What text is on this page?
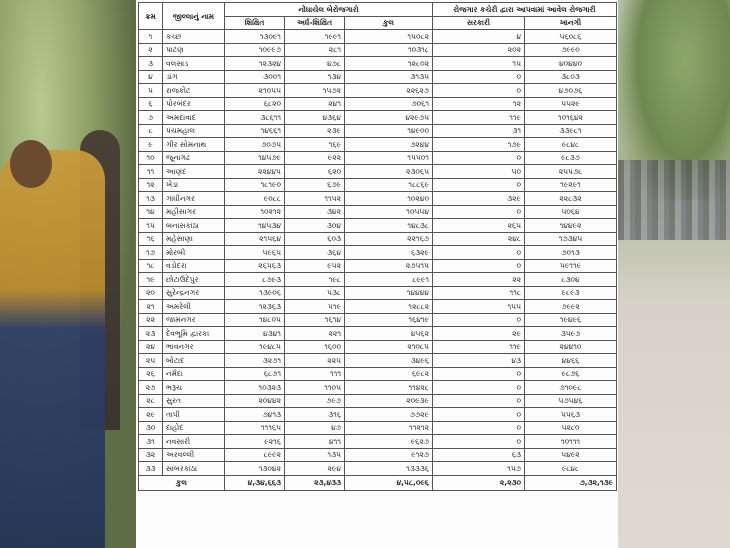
ક્રમ	જીલ્લાનું નામ	નોંધાયેલ બેરોજગારો			રોજગાર કચેરી દ્વારા આપવામાં આવેલ રોજગારી	
		શિક્ષિત	અર્ધ-શિક્ષિત	કુલ	સરકારી	ખાનગી
૧	કચ્છ	૧૩૦૯૧	૧૯૯૧	૧૫૦૮૨	૪	૫૬૦૮૬
૨	પાટણ	૧૦૯૯૭	૨૮૧	૧૦૩૧૮	૨૦૨	૭૯૯૦
૩	વલસાડ	૧૨૩૨૪	૪૭૮	૧૨૮૦૨	૧૫	૪૦૪૪૦
૪	ડાંગ	૩૦૦૧	૧૩૪	૩૧૩૫	૦	૩૮૦૩
૫	રાજકોટ	૨૧૦૫૫	૧૫૭૨	૨૨૬૨૭	૦	૪૭૦૭૬
૬	પોરબંદર	૬૮૨૦	૨૪૧	૭૦૬૧	૧૨	૫૫૨૯
૭	અમદાવાદ	૩૮૬૧૧	૪૩૬૪	૪૨૯૭૫	૧૧૯	૧૦૧૬૪૨
૮	પંચમહાલ	૧૪૬૬૧	૨૩૯	૧૪૯૦૦	૩૧	૩૩૯૮૧
૯	ગીર સોમનાથ	૭૦૭૫	૧૬૯	૭૨૪૪	૧૭૯	૯૮૪૮
૧૦	જૂનાગઢ	૧૪૫૭૯	૯૨૨	૧૫૫૦૧	૦	૯૮૩૭
૧૧	આણંદ	૨૨૪૪૫	૬૨૦	૨૩૦૬૫	૫૦	૨૫૫૭૮
૧૨	ખેડા	૧૮૧૯૦	૬૭૯	૧૮૮૬૯	૦	૧૯૨૯૧
૧૩	ગાંધીનગર	૯૦૮૮	૧૧૫૨	૧૦૨૪૦	૩૨૯	૨૨૮૩૨
૧૪	મહીસાગર	૧૦૨૧૨	૩૪૨	૧૦૫૫૪	૦	૫૦૬૪
૧૫	બનાસકાંઠા	૧૪૫૩૪	૩૦૪	૧૪૮૩૮	૨૬૫	૧૪૪૯૨
૧૬	મહેસાણા	૨૧૫૬૪	૬૦૩	૨૨૧૬૭	૨૪૮	૧૭૩૪૫
૧૭	મોરબી	૫૯૬૫	૩૬૪	૬૩૨૯	૦	૭૦૧૩
૧૮	વડોદરા	૨૬૫૬૩	૯૫૨	૨૭૫૧૫	૦	૫૯૧૧૯
૧૯	છોટાઉદેપુર	૮૭૯૩	૧૯૮	૮૯૯૧	૨૨	૮૩૦૪
૨૦	સુરેન્દ્રનગર	૧૩૯૦૬	૫૩૮	૧૪૪૪૪	૧૧૮	૯૮૯૩
૨૧	અમરેલી	૧૨૩૬૩	૫૧૯	૧૨૮૮૨	૧૫૫	૭૯૯૨
૨૨	જામનગર	૧૪૮૦૫	૧૬૧૪	૧૬૪૧૯	૦	૧૯૪૯૬
૨૩	દેવભૂમિ દ્વારકા	૪૩૪૧	૨૨૧	૪૫૬૨	૨૯	૩૫૯૭
૨૪	ભાવનગર	૧૯૪૮૫	૧૬૦૦	૨૧૦૮૫	૧૧૯	૨૪૪૧૦
૨૫	બોટાદ	૩૨૭૧	૨૨૫	૩૪૯૬	૪૩	૪૪૬૬
૨૬	નર્મદા	૬૮૭૧	૧૧૧	૬૯૮૨	૦	૯૮૭૬
૨૭	ભરૂચ	૧૦૩૨૩	૧૧૦૫	૧૧૪૨૮	૦	૭૧૦૯૮
૨૮	સુરત	૨૦૪૪૨	૭૯૭	૨૦૯૩૯	૦	૫૭૫૪૬
૨૯	તાપી	૭૪૧૩	૩૧૬	૭૭૨૯	૦	૫૫૬૩
૩૦	દાહોદ	૧૧૧૬૫	૪૭	૧૧૨૧૨	૦	૫૨૮૦
૩૧	નવસારી	૯૨૧૬	૪૧૧	૯૬૨૭	૦	૧૦૧૧૧
૩૨	અરવલ્લી	૮૯૯૨	૧૩૫	૯૧૨૭	૬૩	૫૪૯૨
૩૩	સાબરકાંઠા	૧૩૦૪૨	૨૯૪	૧૩૩૩૬	૧૫૭	૯૮૪૮
કુલ		૪,૩૪,૬૬૩	૨૩,૪૩૩	૪,૫૮,૦૯૬	૨,૨૩૦	૭,૩૨,૧૩૯
